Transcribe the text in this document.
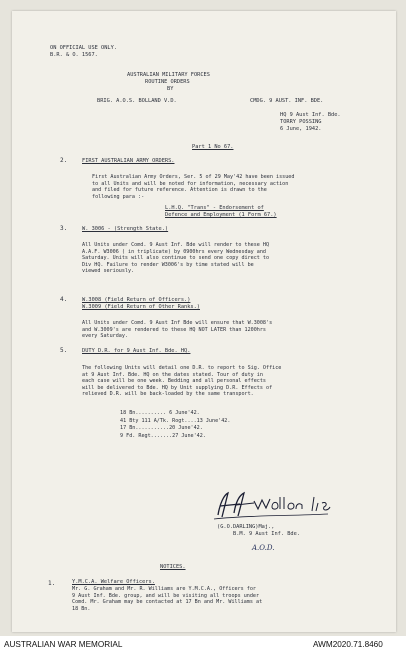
ON OFFICIAL USE ONLY.
B.R. & O. 1567.
AUSTRALIAN MILITARY FORCES
ROUTINE ORDERS
BY
BRIG. A.O.S. BOLLAND V.D.	CMDG. 9 AUST. INF. BDE.
HQ 9 Aust Inf. Bde.
TORRY POSSING
6 June, 1942.
Part 1 No 67.
2.	FIRST AUSTRALIAN ARMY ORDERS.
First Australian Army Orders, Ser. 5 of 29 May'42 have been issued
to all Units and will be noted for information, necessary action
and filed for future reference. Attention is drawn to the
following para :-
L.H.Q. "Trans" - Endorsement of
Defence and Employment (1 Form 67.)
3.	W. 3006 - (Strength State.)
All Units under Comd. 9 Aust Inf. Bde will render to these HQ
A.A.F. W3006 ( in triplicate) by 0900hrs every Wednesday and
Saturday. Units will also continue to send one copy direct to
Div HQ. Failure to render W3006's by time stated will be
viewed seriously.
4.	W.3008 (Field Return of Officers.)
W.3009 (Field Return of Other Ranks.)
All Units under Comd. 9 Aust Inf Bde will ensure that W.3008's
and W.3009's are rendered to these HQ NOT LATER than 1200hrs
every Saturday.
5.	DUTY D.R. for 9 Aust Inf. Bde. HQ.
The following Units will detail one D.R. to report to Sig. Office
at 9 Aust Inf. Bde. HQ on the dates stated. Tour of duty in
each case will be one week. Bedding and all personal effects
will be delivered to Bde. HQ by Unit supplying D.R. Effects of
relieved D.R. will be back-loaded by the same transport.
18 Bn.......... 6 June'42.
41 Bty 111 A/Tk. Rogt....13 June'42.
17 Bn...........20 June'42.
9 Fd. Regt.......27 June'42.
(G.O.DARLING)Maj.,
B.M. 9 Aust Inf. Bde.
A.O.D.
NOTICES.
1.	Y.M.C.A. Welfare Officers.
Mr. G. Graham and Mr. R. Williams are Y.M.C.A., Officers for
9 Aust Inf. Bde. group, and will be visiting all troops under
Comd. Mr. Graham may be contacted at 17 Bn and Mr. Williams at
18 Bn.
AUSTRALIAN WAR MEMORIAL	AWM2020.71.8460
